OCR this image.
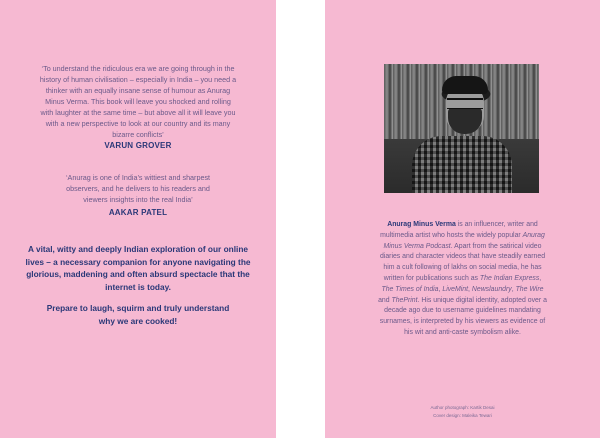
‘To understand the ridiculous era we are going through in the history of human civilisation – especially in India – you need a thinker with an equally insane sense of humour as Anurag Minus Verma. This book will leave you shocked and rolling with laughter at the same time – but above all it will leave you with a new perspective to look at our country and its many bizarre conflicts’
VARUN GROVER
‘Anurag is one of India’s wittiest and sharpest observers, and he delivers to his readers and viewers insights into the real India’
AAKAR PATEL
A vital, witty and deeply Indian exploration of our online lives – a necessary companion for anyone navigating the glorious, maddening and often absurd spectacle that the internet is today.
Prepare to laugh, squirm and truly understand why we are cooked!
Anurag Minus Verma is an influencer, writer and multimedia artist who hosts the widely popular Anurag Minus Verma Podcast. Apart from the satirical video diaries and character videos that have steadily earned him a cult following of lakhs on social media, he has written for publications such as The Indian Express, The Times of India, LiveMint, Newslaundry, The Wire and ThePrint. His unique digital identity, adopted over a decade ago due to username guidelines mandating surnames, is interpreted by his viewers as evidence of his wit and anti-caste symbolism alike.
Author photograph: Kartik Desai
Cover design: Maleika Tewari
